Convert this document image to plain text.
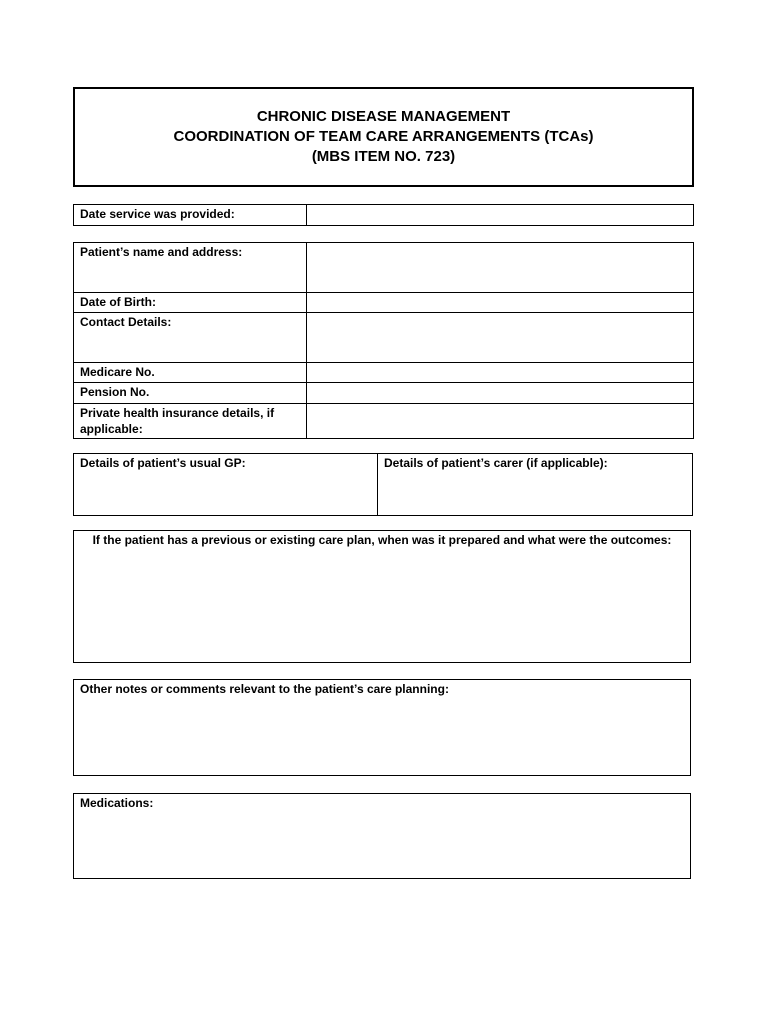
CHRONIC DISEASE MANAGEMENT
COORDINATION OF TEAM CARE ARRANGEMENTS (TCAs)
(MBS ITEM NO. 723)
Date service was provided:	
Patient’s name and address:	
Date of Birth:	
Contact Details:	
Medicare No.	
Pension No.	
Private health insurance details, if applicable:	
Details of patient’s usual GP:	Details of patient’s carer (if applicable):
If the patient has a previous or existing care plan, when was it prepared and what were the outcomes:
Other notes or comments relevant to the patient’s care planning:
Medications:
